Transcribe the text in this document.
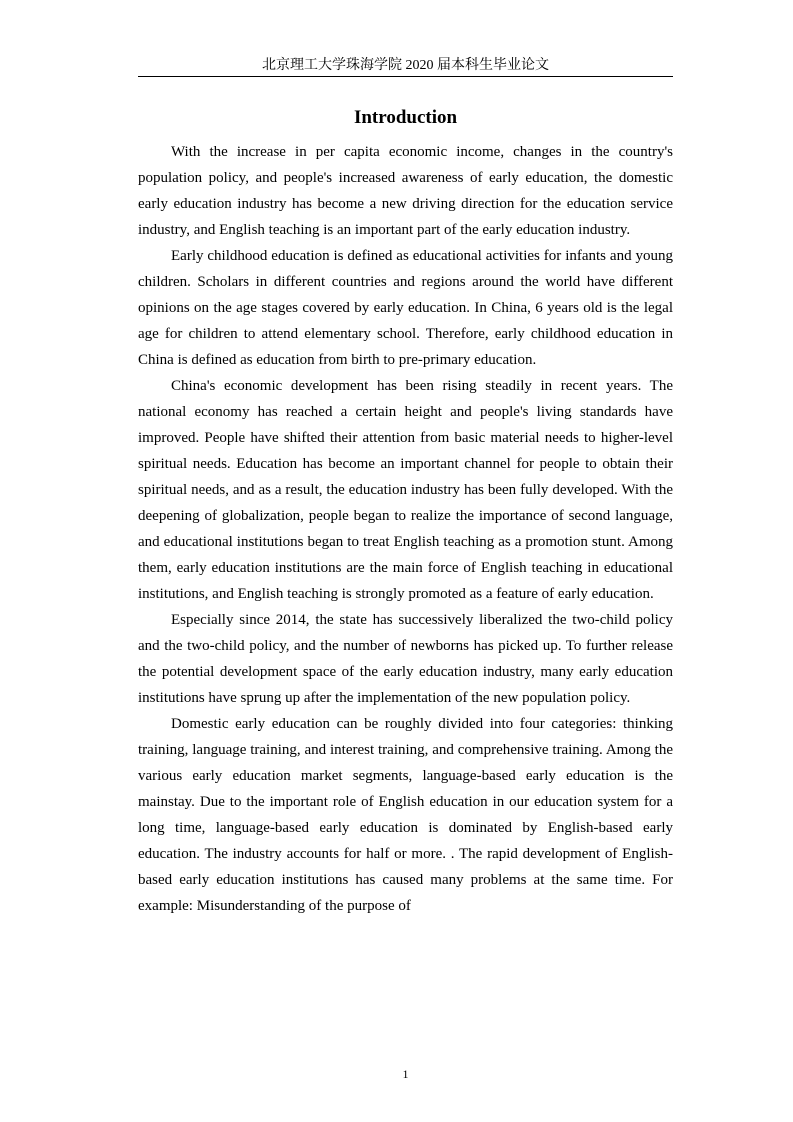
北京理工大学珠海学院 2020 届本科生毕业论文
Introduction

With the increase in per capita economic income, changes in the country's population policy, and people's increased awareness of early education, the domestic early education industry has become a new driving direction for the education service industry, and English teaching is an important part of the early education industry.

Early childhood education is defined as educational activities for infants and young children. Scholars in different countries and regions around the world have different opinions on the age stages covered by early education. In China, 6 years old is the legal age for children to attend elementary school. Therefore, early childhood education in China is defined as education from birth to pre-primary education.

China's economic development has been rising steadily in recent years. The national economy has reached a certain height and people's living standards have improved. People have shifted their attention from basic material needs to higher-level spiritual needs. Education has become an important channel for people to obtain their spiritual needs, and as a result, the education industry has been fully developed. With the deepening of globalization, people began to realize the importance of second language, and educational institutions began to treat English teaching as a promotion stunt. Among them, early education institutions are the main force of English teaching in educational institutions, and English teaching is strongly promoted as a feature of early education.

Especially since 2014, the state has successively liberalized the two-child policy and the two-child policy, and the number of newborns has picked up. To further release the potential development space of the early education industry, many early education institutions have sprung up after the implementation of the new population policy.

Domestic early education can be roughly divided into four categories: thinking training, language training, and interest training, and comprehensive training. Among the various early education market segments, language-based early education is the mainstay. Due to the important role of English education in our education system for a long time, language-based early education is dominated by English-based early education. The industry accounts for half or more. . The rapid development of English-based early education institutions has caused many problems at the same time. For example: Misunderstanding of the purpose of

1
